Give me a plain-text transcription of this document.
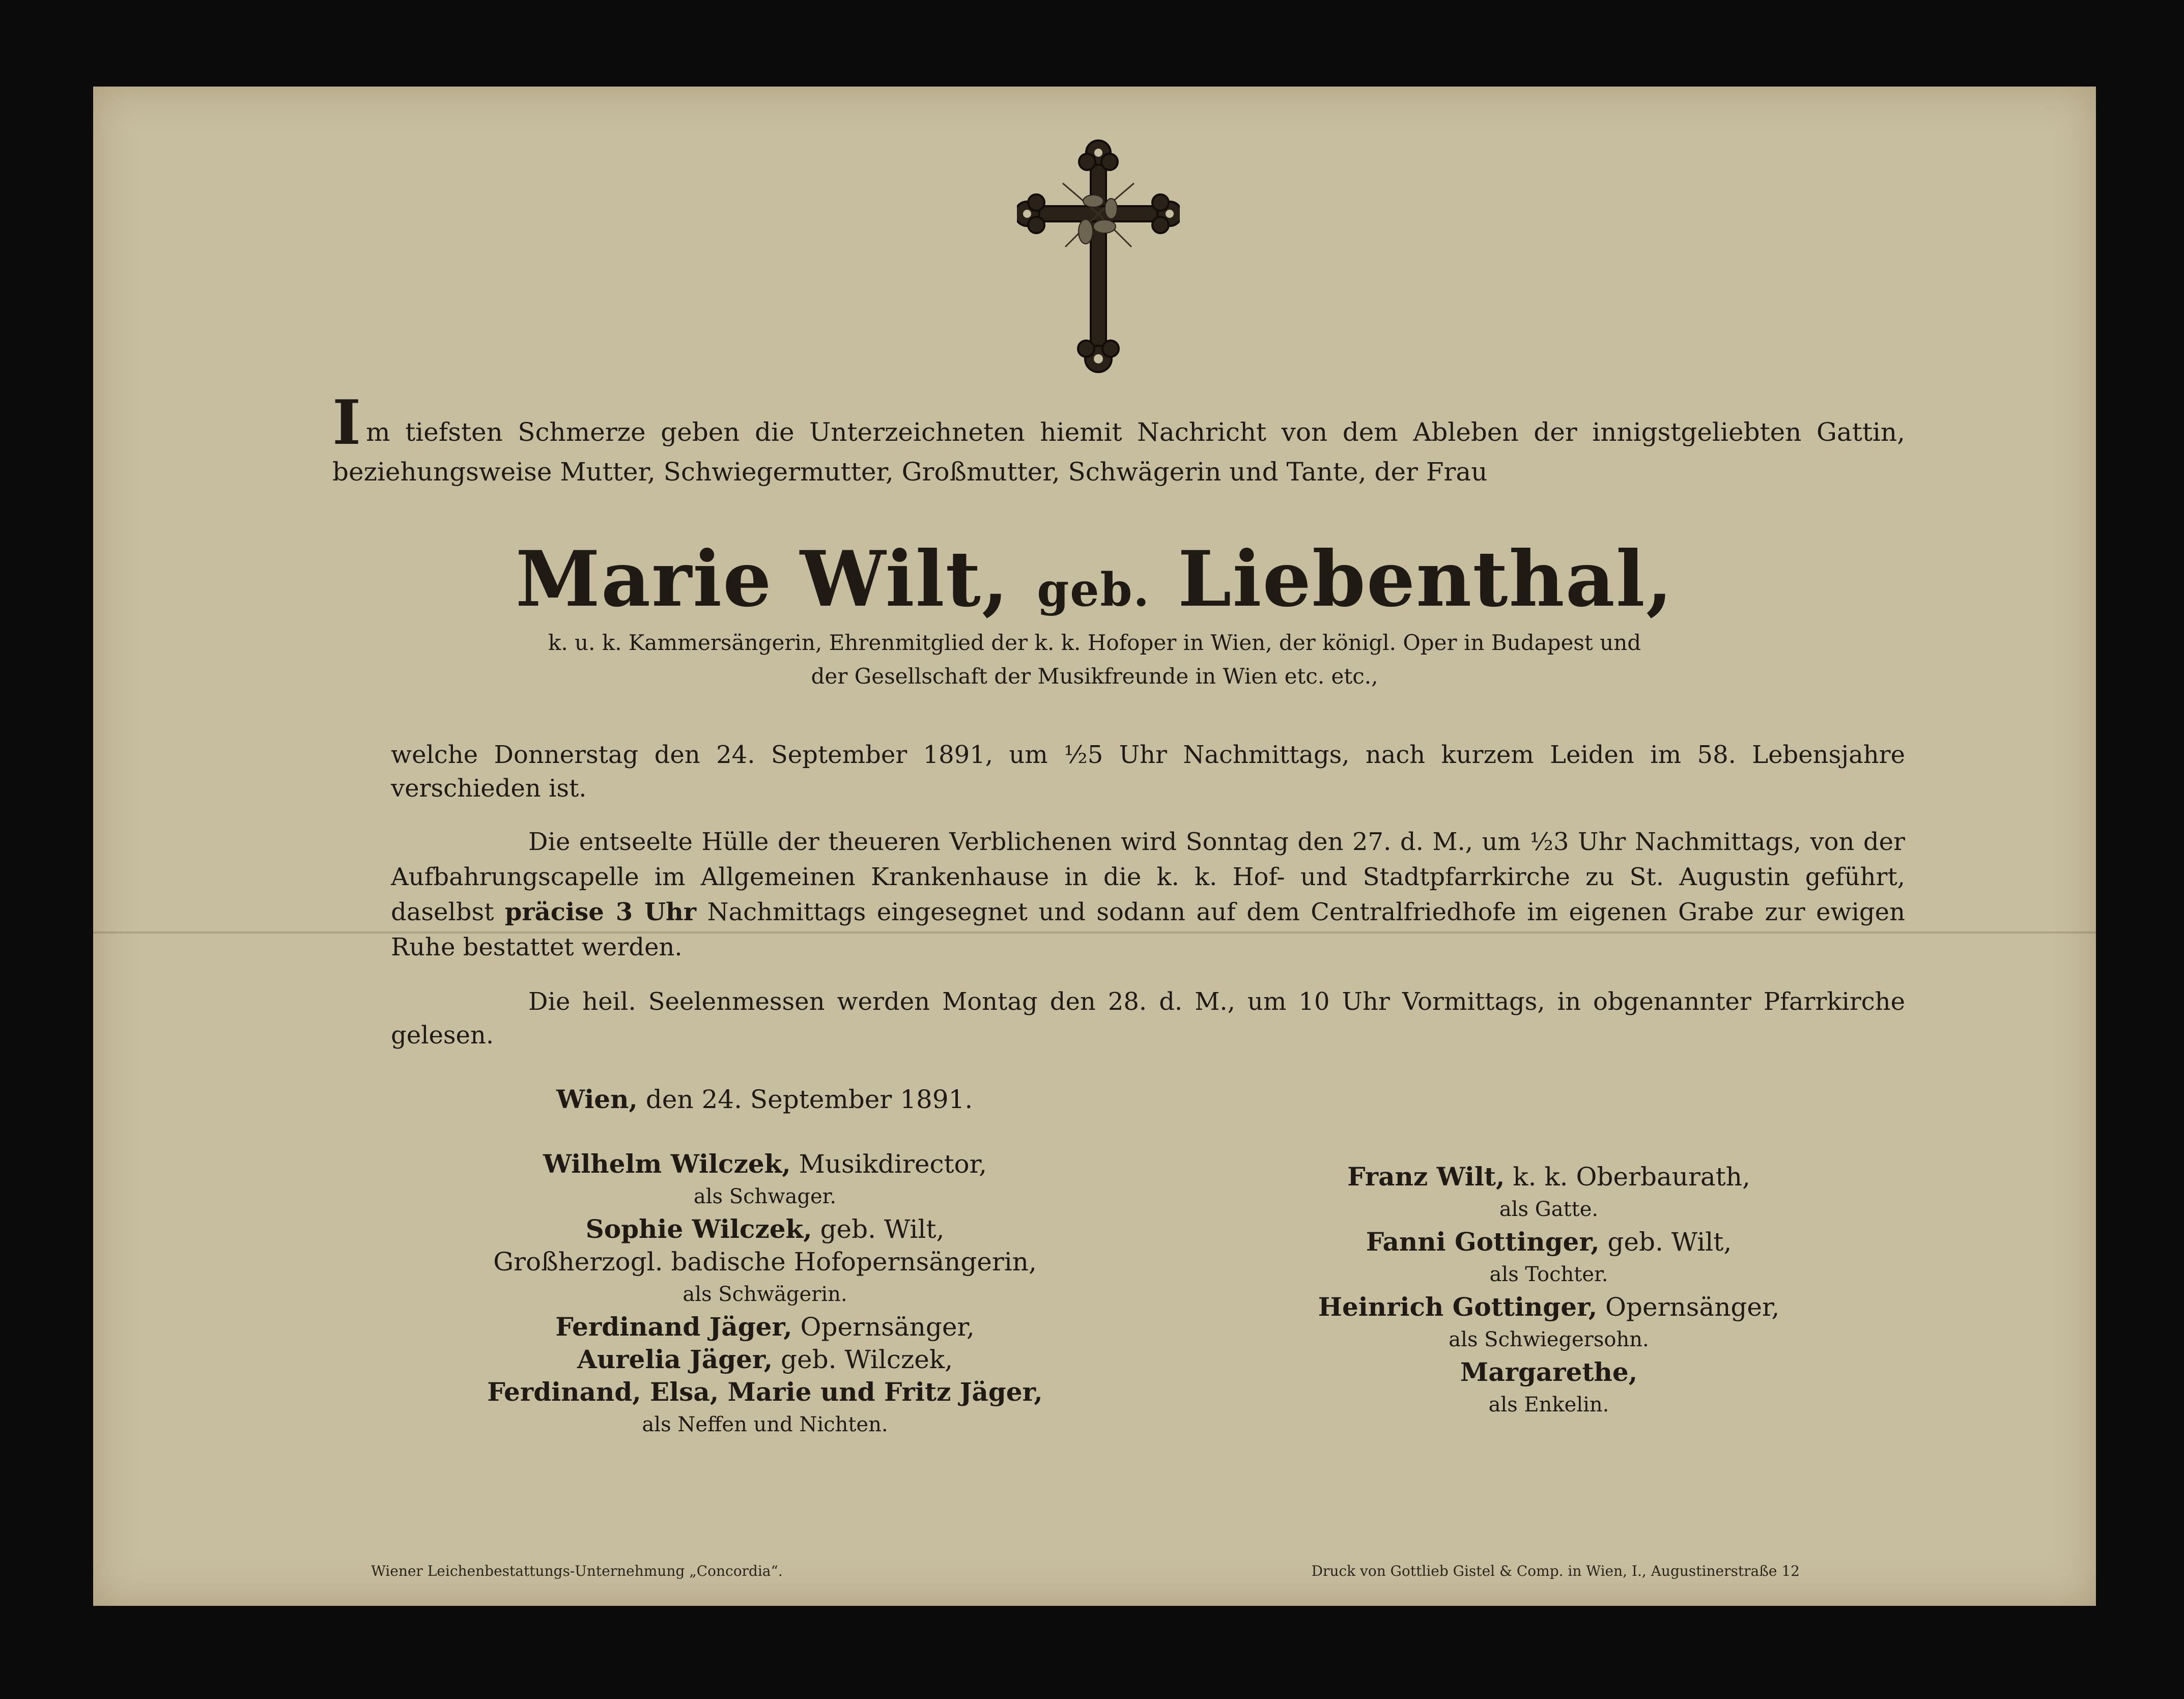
Im tiefsten Schmerze geben die Unterzeichneten hiemit Nachricht von dem Ableben der innigstgeliebten Gattin, beziehungsweise Mutter, Schwiegermutter, Großmutter, Schwägerin und Tante, der Frau
Marie Wilt, geb. Liebenthal,
k. u. k. Kammersängerin, Ehrenmitglied der k. k. Hofoper in Wien, der königl. Oper in Budapest und
der Gesellschaft der Musikfreunde in Wien etc. etc.,
welche Donnerstag den 24. September 1891, um ½5 Uhr Nachmittags, nach kurzem Leiden im 58. Lebensjahre verschieden ist.
Die entseelte Hülle der theueren Verblichenen wird Sonntag den 27. d. M., um ½3 Uhr Nachmittags, von der Aufbahrungscapelle im Allgemeinen Krankenhause in die k. k. Hof- und Stadtpfarrkirche zu St. Augustin geführt, daselbst präcise 3 Uhr Nachmittags eingesegnet und sodann auf dem Centralfriedhofe im eigenen Grabe zur ewigen Ruhe bestattet werden.
Die heil. Seelenmessen werden Montag den 28. d. M., um 10 Uhr Vormittags, in obgenannter Pfarrkirche gelesen.
Wien, den 24. September 1891.
Wilhelm Wilczek, Musikdirector,
als Schwager.
Sophie Wilczek, geb. Wilt,
Großherzogl. badische Hofopernsängerin,
als Schwägerin.
Ferdinand Jäger, Opernsänger,
Aurelia Jäger, geb. Wilczek,
Ferdinand, Elsa, Marie und Fritz Jäger,
als Neffen und Nichten.
Franz Wilt, k. k. Oberbaurath,
als Gatte.
Fanni Gottinger, geb. Wilt,
als Tochter.
Heinrich Gottinger, Opernsänger,
als Schwiegersohn.
Margarethe,
als Enkelin.
Wiener Leichenbestattungs-Unternehmung „Concordia“.	Druck von Gottlieb Gistel & Comp. in Wien, I., Augustinerstraße 12
